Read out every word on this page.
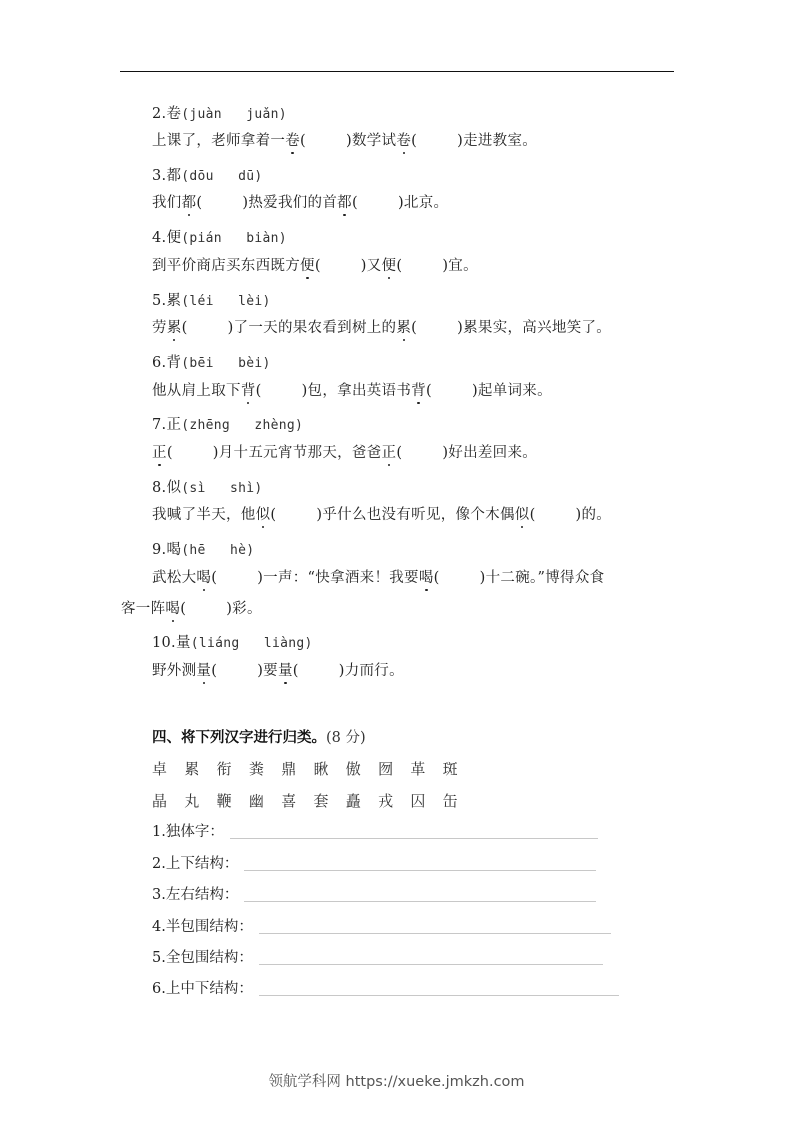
2.卷(juàn   juǎn)
上课了，老师拿着一卷(	)数学试卷(	)走进教室。
3.都(dōu   dū)
我们都(	)热爱我们的首都(	)北京。
4.便(pián   biàn)
到平价商店买东西既方便(	)又便(	)宜。
5.累(léi   lèi)
劳累(	)了一天的果农看到树上的累(	)累果实，高兴地笑了。
6.背(bēi   bèi)
他从肩上取下背(	)包，拿出英语书背(	)起单词来。
7.正(zhēng   zhèng)
正(	)月十五元宵节那天，爸爸正(	)好出差回来。
8.似(sì   shì)
我喊了半天，他似(	)乎什么也没有听见，像个木偶似(	)的。
9.喝(hē   hè)
武松大喝(	)一声：“快拿酒来！我要喝(	)十二碗。”博得众食
客一阵喝(	)彩。
10.量(liáng   liàng)
野外测量(	)要量(	)力而行。
四、将下列汉字进行归类。(8 分)
卓	累	衔	粪	鼎	瞅	傲	囫	革	斑
晶	丸	鞭	幽	喜	套	矗	戎	囚	缶
1.独体字：
2.上下结构：
3.左右结构：
4.半包围结构：
5.全包围结构：
6.上中下结构：
领航学科网 https://xueke.jmkzh.com
